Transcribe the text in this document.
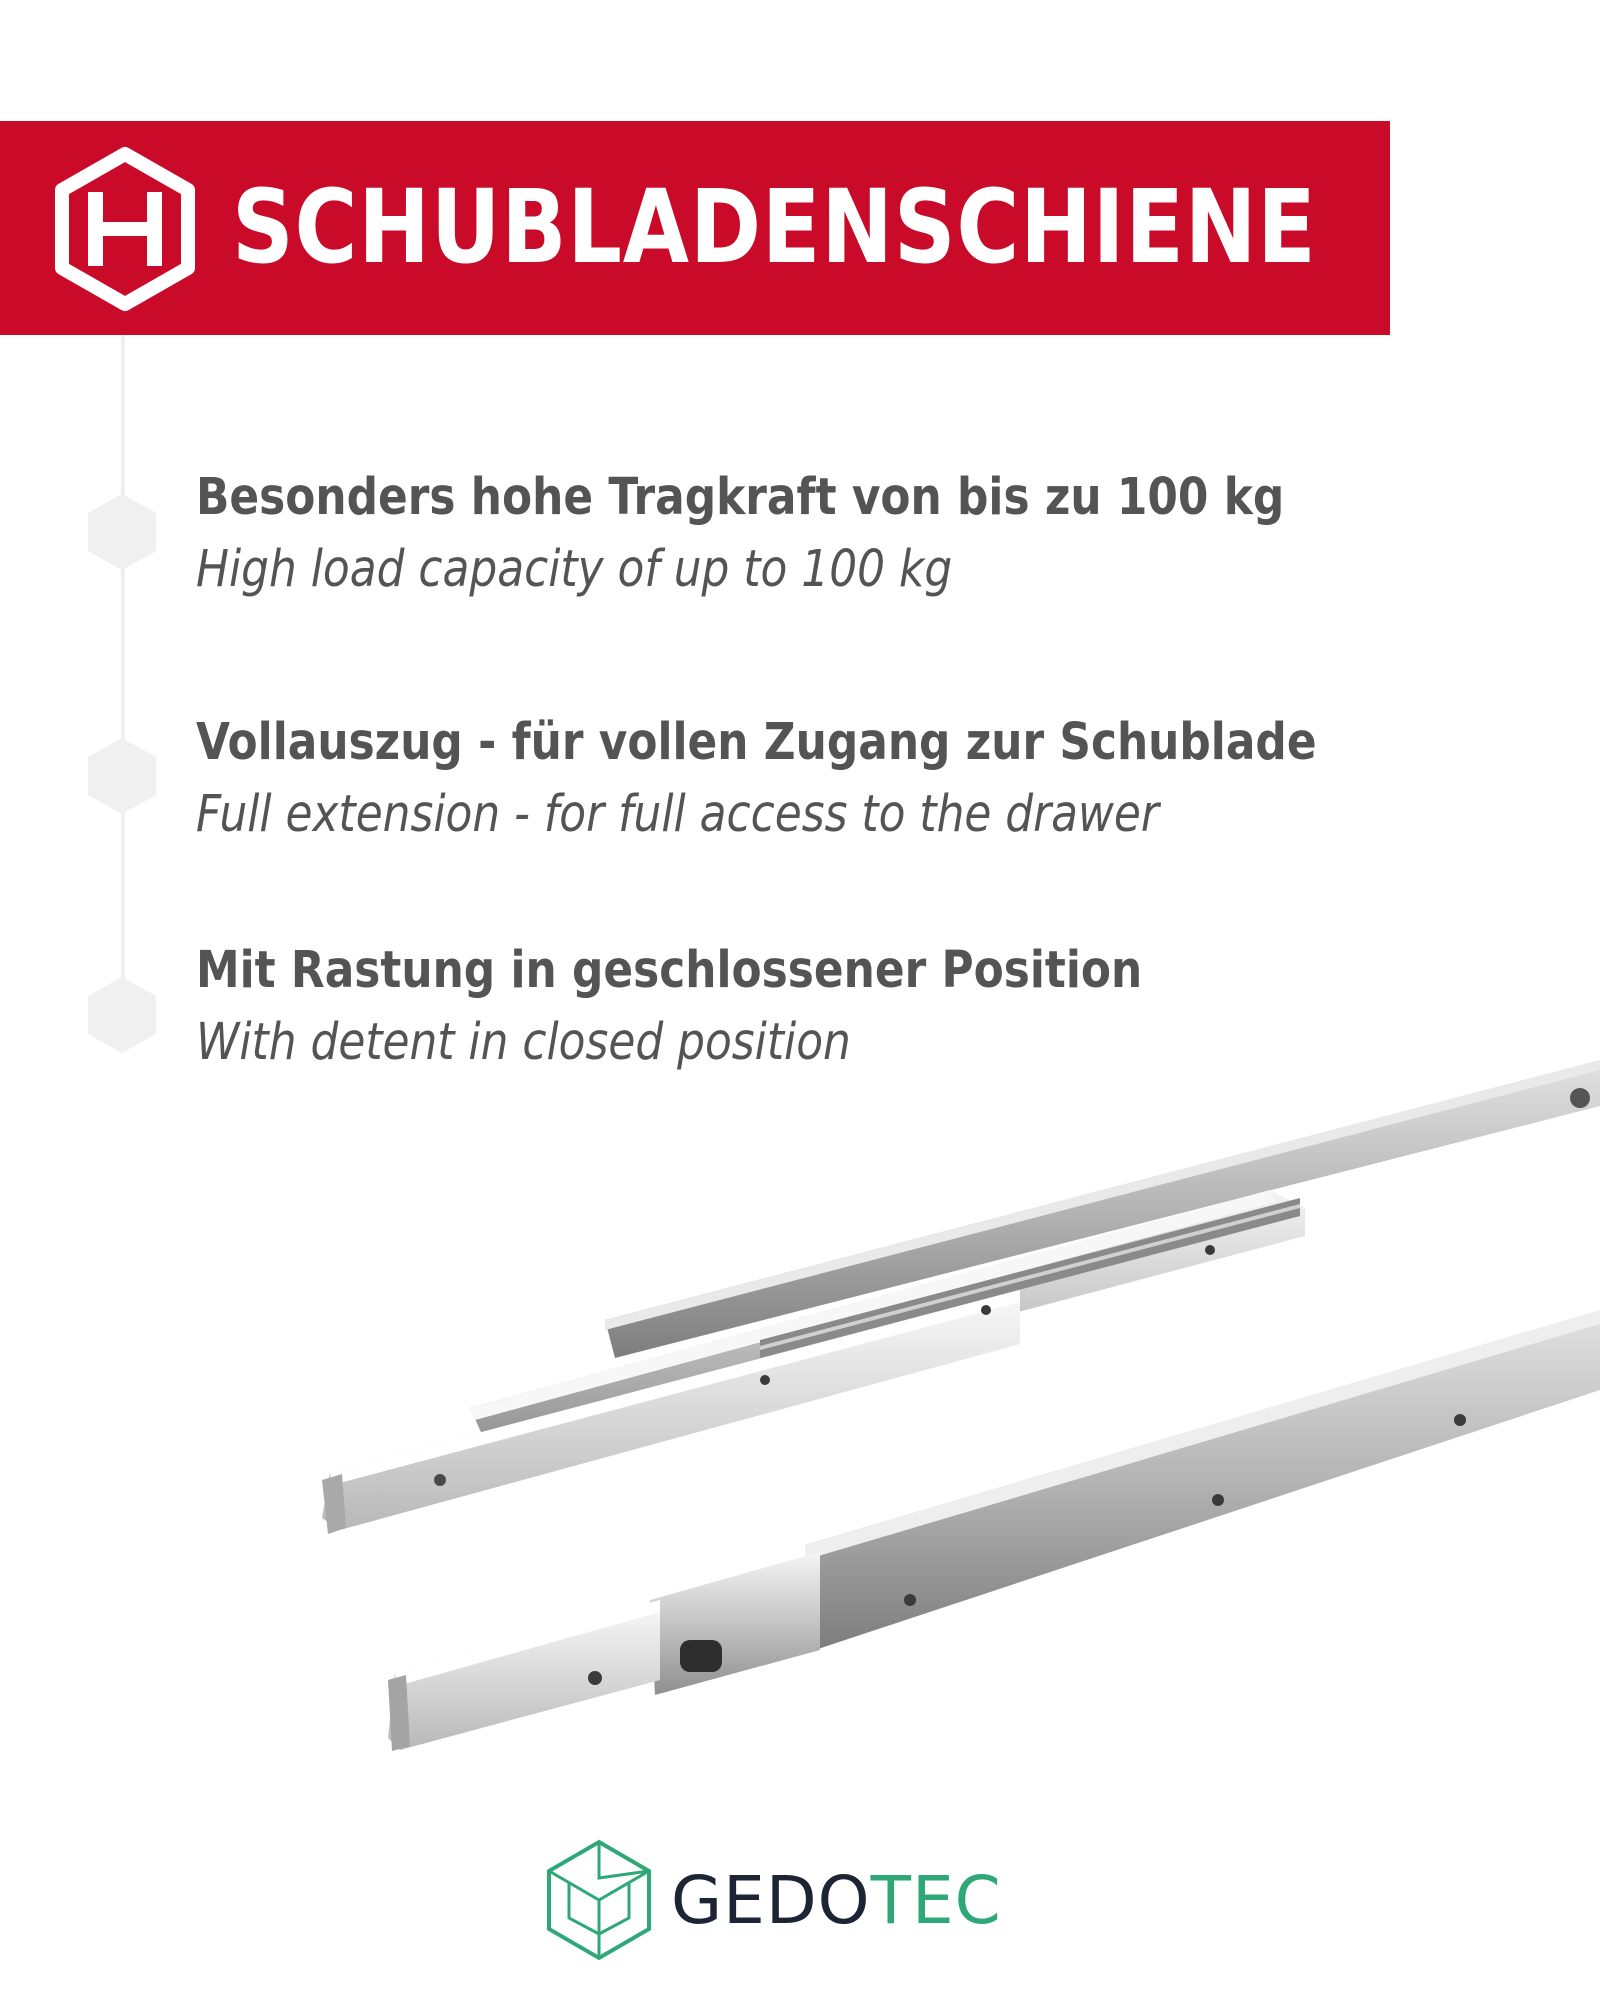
SCHUBLADENSCHIENE
Besonders hohe Tragkraft von bis zu 100 kg
High load capacity of up to 100 kg
Vollauszug - für vollen Zugang zur Schublade
Full extension - for full access to the drawer
Mit Rastung in geschlossener Position
With detent in closed position
GEDOTEC
